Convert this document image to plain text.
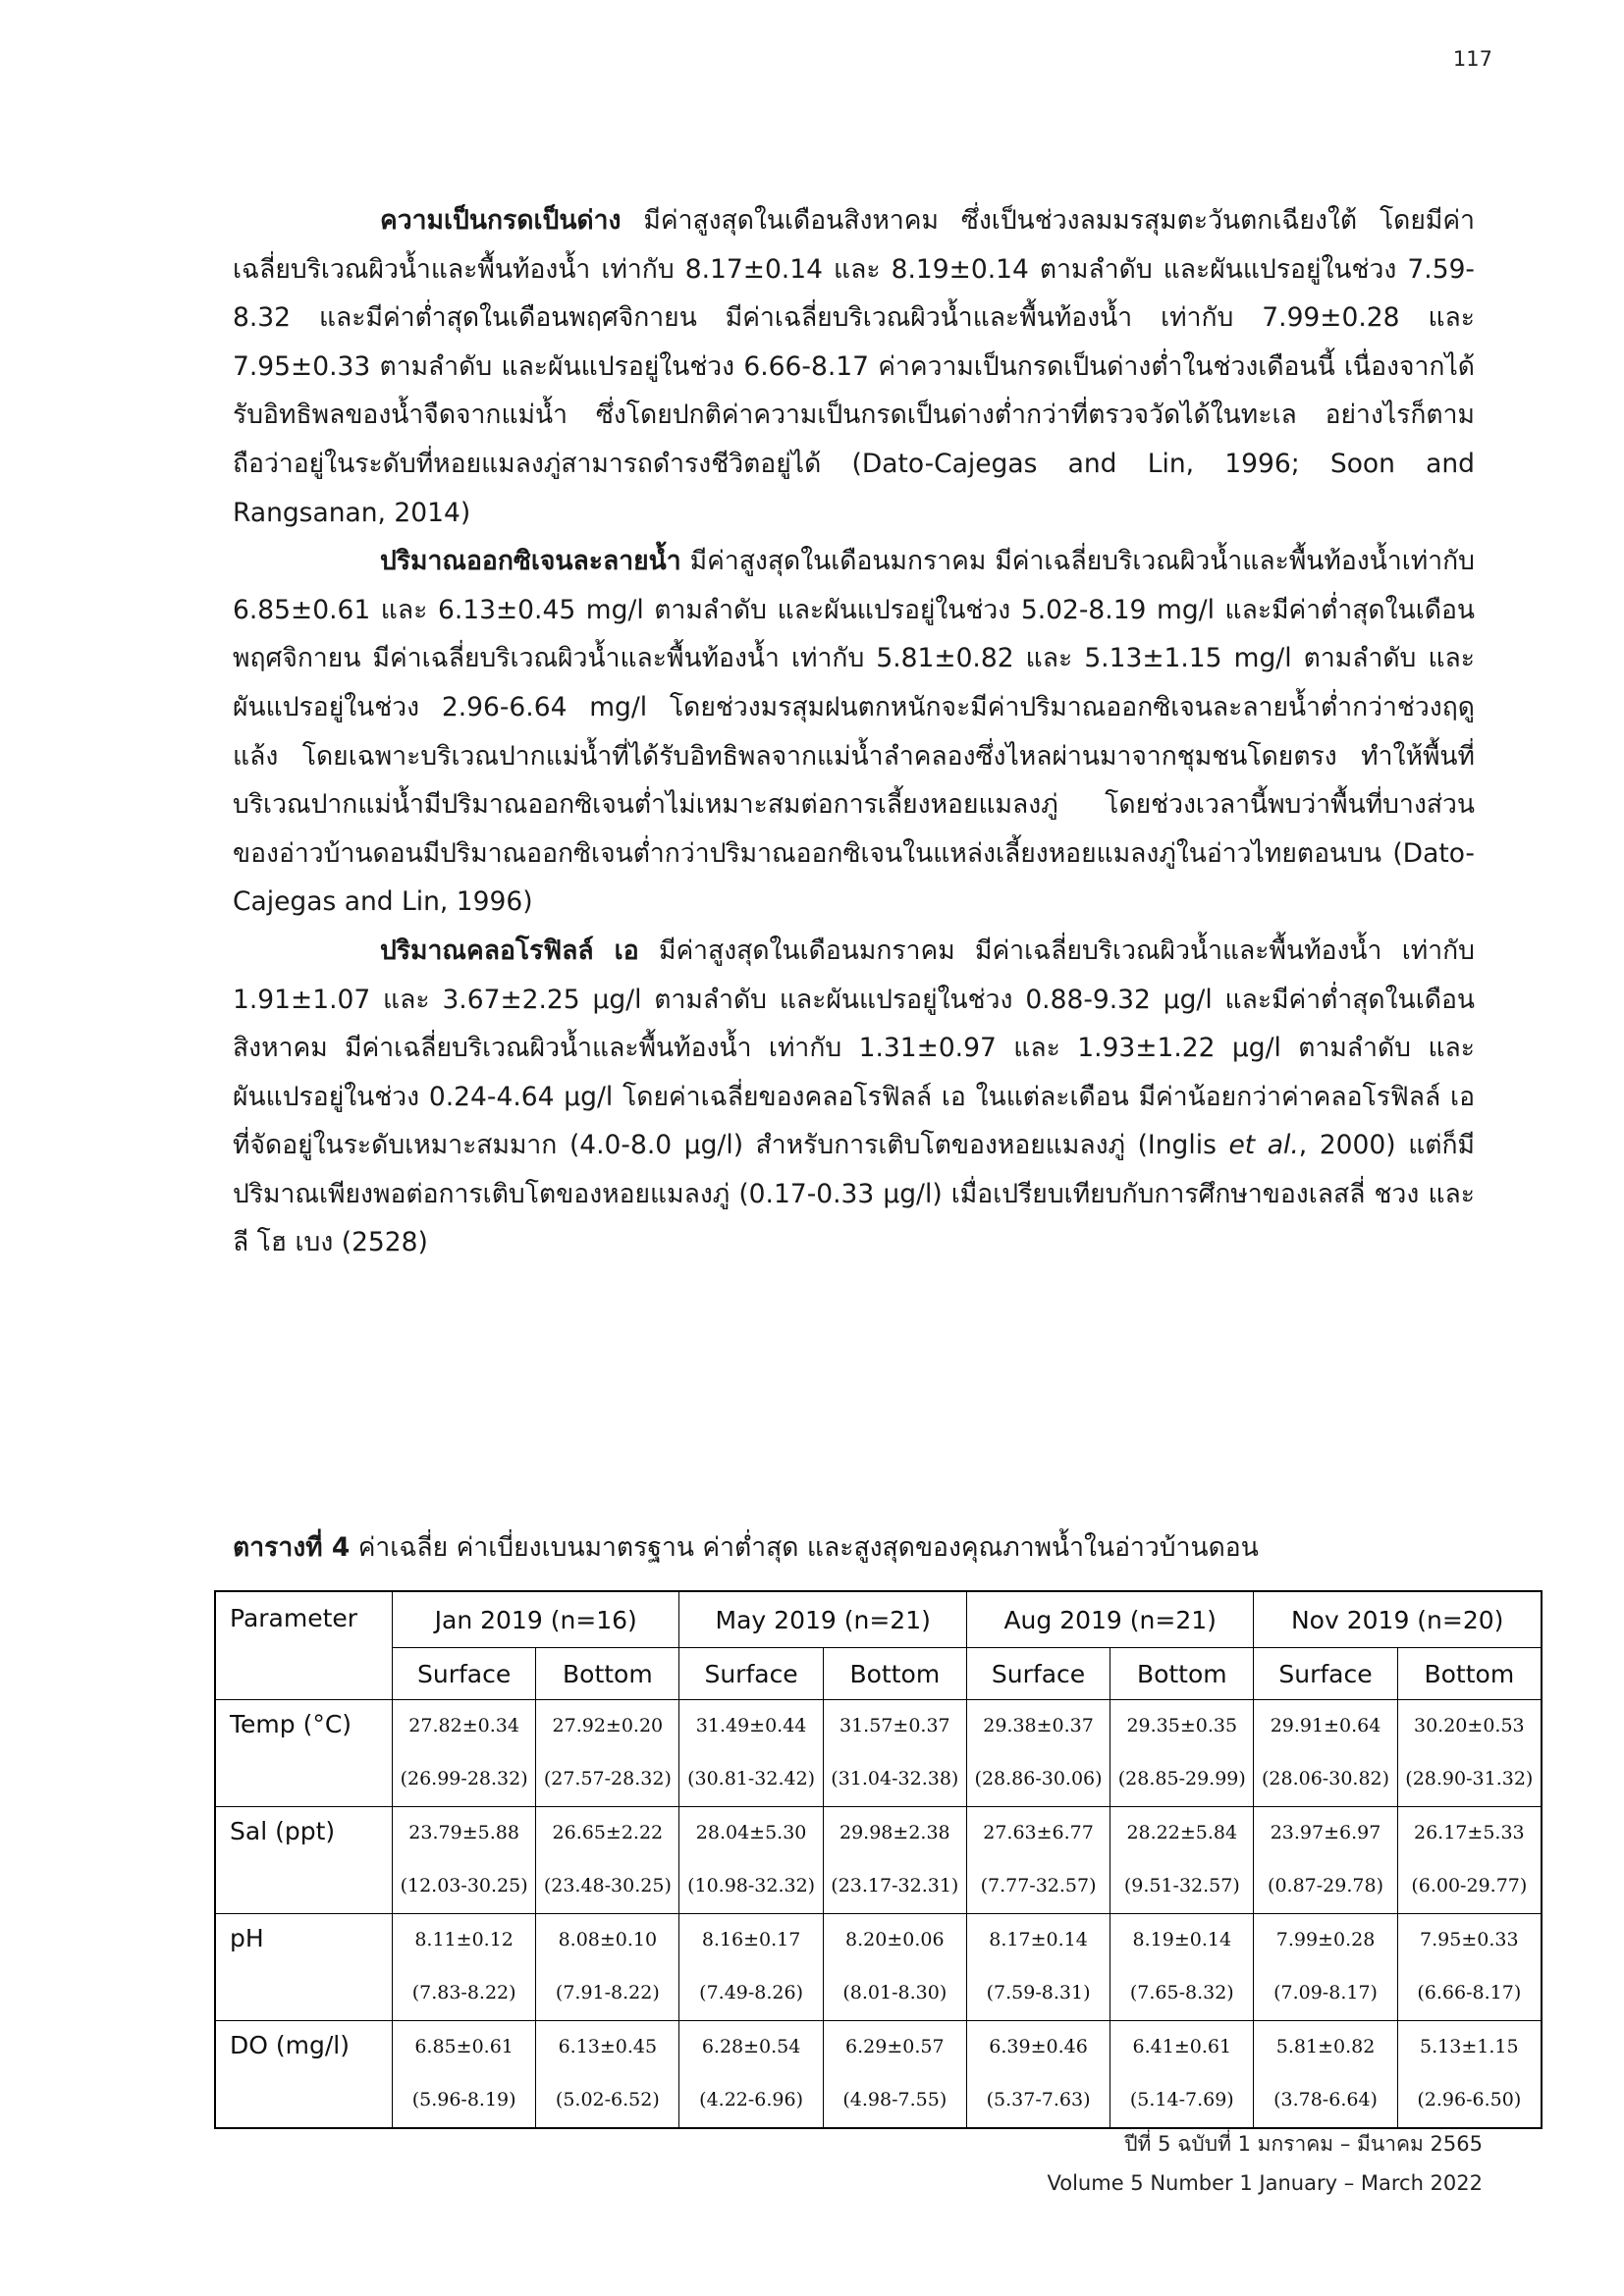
117

ความเป็นกรดเป็นด่าง มีค่าสูงสุดในเดือนสิงหาคม ซึ่งเป็นช่วงลมมรสุมตะวันตกเฉียงใต้ โดยมีค่าเฉลี่ยบริเวณผิวน้ำและพื้นท้องน้ำ เท่ากับ 8.17±0.14 และ 8.19±0.14 ตามลำดับ และผันแปรอยู่ในช่วง 7.59-8.32 และมีค่าต่ำสุดในเดือนพฤศจิกายน มีค่าเฉลี่ยบริเวณผิวน้ำและพื้นท้องน้ำ เท่ากับ 7.99±0.28 และ 7.95±0.33 ตามลำดับ และผันแปรอยู่ในช่วง 6.66-8.17 ค่าความเป็นกรดเป็นด่างต่ำในช่วงเดือนนี้ เนื่องจากได้รับอิทธิพลของน้ำจืดจากแม่น้ำ ซึ่งโดยปกติค่าความเป็นกรดเป็นด่างต่ำกว่าที่ตรวจวัดได้ในทะเล อย่างไรก็ตาม ถือว่าอยู่ในระดับที่หอยแมลงภู่สามารถดำรงชีวิตอยู่ได้ (Dato-Cajegas and Lin, 1996; Soon and Rangsanan, 2014)

ปริมาณออกซิเจนละลายน้ำ มีค่าสูงสุดในเดือนมกราคม มีค่าเฉลี่ยบริเวณผิวน้ำและพื้นท้องน้ำเท่ากับ 6.85±0.61 และ 6.13±0.45 mg/l ตามลำดับ และผันแปรอยู่ในช่วง 5.02-8.19 mg/l และมีค่าต่ำสุดในเดือนพฤศจิกายน มีค่าเฉลี่ยบริเวณผิวน้ำและพื้นท้องน้ำ เท่ากับ 5.81±0.82 และ 5.13±1.15 mg/l ตามลำดับ และผันแปรอยู่ในช่วง 2.96-6.64 mg/l โดยช่วงมรสุมฝนตกหนักจะมีค่าปริมาณออกซิเจนละลายน้ำต่ำกว่าช่วงฤดูแล้ง โดยเฉพาะบริเวณปากแม่น้ำที่ได้รับอิทธิพลจากแม่น้ำลำคลองซึ่งไหลผ่านมาจากชุมชนโดยตรง ทำให้พื้นที่บริเวณปากแม่น้ำมีปริมาณออกซิเจนต่ำไม่เหมาะสมต่อการเลี้ยงหอยแมลงภู่ โดยช่วงเวลานี้พบว่าพื้นที่บางส่วนของอ่าวบ้านดอนมีปริมาณออกซิเจนต่ำกว่าปริมาณออกซิเจนในแหล่งเลี้ยงหอยแมลงภู่ในอ่าวไทยตอนบน (Dato-Cajegas and Lin, 1996)

ปริมาณคลอโรฟิลล์ เอ มีค่าสูงสุดในเดือนมกราคม มีค่าเฉลี่ยบริเวณผิวน้ำและพื้นท้องน้ำ เท่ากับ 1.91±1.07 และ 3.67±2.25 µg/l ตามลำดับ และผันแปรอยู่ในช่วง 0.88-9.32 µg/l และมีค่าต่ำสุดในเดือนสิงหาคม มีค่าเฉลี่ยบริเวณผิวน้ำและพื้นท้องน้ำ เท่ากับ 1.31±0.97 และ 1.93±1.22 µg/l ตามลำดับ และผันแปรอยู่ในช่วง 0.24-4.64 µg/l โดยค่าเฉลี่ยของคลอโรฟิลล์ เอ ในแต่ละเดือน มีค่าน้อยกว่าค่าคลอโรฟิลล์ เอ ที่จัดอยู่ในระดับเหมาะสมมาก (4.0-8.0 µg/l) สำหรับการเติบโตของหอยแมลงภู่ (Inglis et al., 2000) แต่ก็มีปริมาณเพียงพอต่อการเติบโตของหอยแมลงภู่ (0.17-0.33 µg/l) เมื่อเปรียบเทียบกับการศึกษาของเลสลี่ ชวง และ ลี โฮ เบง (2528)

ตารางที่ 4 ค่าเฉลี่ย ค่าเบี่ยงเบนมาตรฐาน ค่าต่ำสุด และสูงสุดของคุณภาพน้ำในอ่าวบ้านดอน
Parameter	Jan 2019 (n=16)		May 2019 (n=21)		Aug 2019 (n=21)		Nov 2019 (n=20)	
	Surface	Bottom	Surface	Bottom	Surface	Bottom	Surface	Bottom
Temp (°C)	27.82±0.34	27.92±0.20	31.49±0.44	31.57±0.37	29.38±0.37	29.35±0.35	29.91±0.64	30.20±0.53
	(26.99-28.32)	(27.57-28.32)	(30.81-32.42)	(31.04-32.38)	(28.86-30.06)	(28.85-29.99)	(28.06-30.82)	(28.90-31.32)
Sal (ppt)	23.79±5.88	26.65±2.22	28.04±5.30	29.98±2.38	27.63±6.77	28.22±5.84	23.97±6.97	26.17±5.33
	(12.03-30.25)	(23.48-30.25)	(10.98-32.32)	(23.17-32.31)	(7.77-32.57)	(9.51-32.57)	(0.87-29.78)	(6.00-29.77)
pH	8.11±0.12	8.08±0.10	8.16±0.17	8.20±0.06	8.17±0.14	8.19±0.14	7.99±0.28	7.95±0.33
	(7.83-8.22)	(7.91-8.22)	(7.49-8.26)	(8.01-8.30)	(7.59-8.31)	(7.65-8.32)	(7.09-8.17)	(6.66-8.17)
DO (mg/l)	6.85±0.61	6.13±0.45	6.28±0.54	6.29±0.57	6.39±0.46	6.41±0.61	5.81±0.82	5.13±1.15
	(5.96-8.19)	(5.02-6.52)	(4.22-6.96)	(4.98-7.55)	(5.37-7.63)	(5.14-7.69)	(3.78-6.64)	(2.96-6.50)
ปีที่ 5 ฉบับที่ 1 มกราคม – มีนาคม 2565
Volume 5 Number 1 January – March 2022
